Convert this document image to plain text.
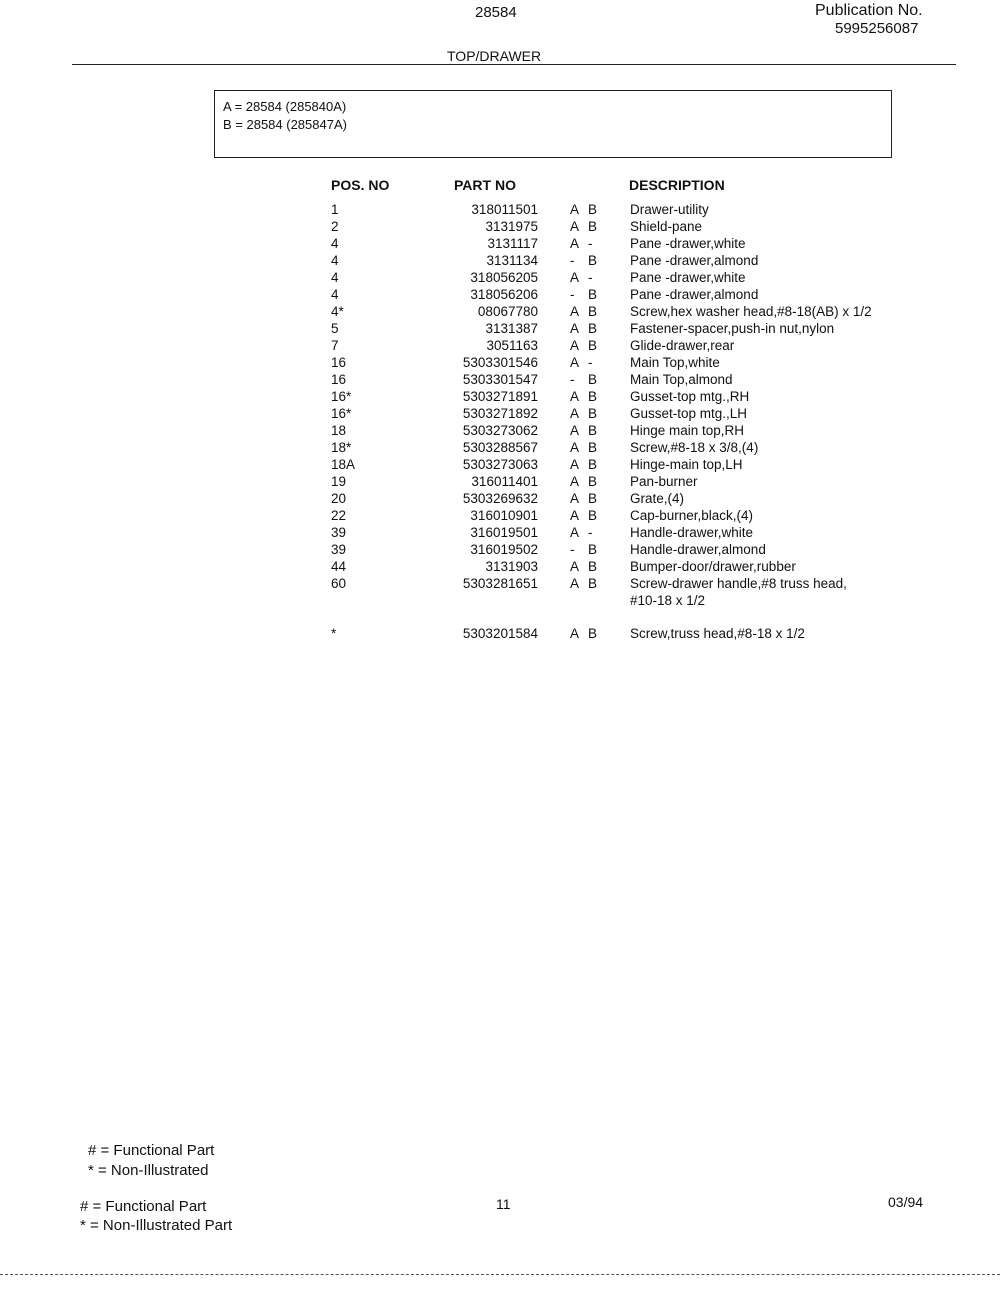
28584	Publication No.
5995256087
TOP/DRAWER
A = 28584 (285840A)
B = 28584 (285847A)
POS. NO	PART NO	DESCRIPTION
1	318011501 A B Drawer-utility
2	3131975 A B Shield-pane
4	3131117 A -	Pane -drawer,white
4	3131134 - B Pane -drawer,almond
4	318056205 A -	Pane -drawer,white
4	318056206 - B Pane -drawer,almond
4*	08067780 A B Screw,hex washer head,#8-18(AB) x 1/2
5	3131387 A B Fastener-spacer,push-in nut,nylon
7	3051163 A B Glide-drawer,rear
16	5303301546 A -	Main Top,white
16	5303301547 - B Main Top,almond
16*	5303271891 A B Gusset-top mtg.,RH
16*	5303271892 A B Gusset-top mtg.,LH
18	5303273062 A B Hinge main top,RH
18*	5303288567 A B Screw,#8-18 x 3/8,(4)
18A	5303273063 A B Hinge-main top,LH
19	316011401 A B Pan-burner
20	5303269632 A B Grate,(4)
22	316010901 A B Cap-burner,black,(4)
39	316019501 A -	Handle-drawer,white
39	316019502 - B Handle-drawer,almond
44	3131903 A B Bumper-door/drawer,rubber
60	5303281651 A B Screw-drawer handle,#8 truss head,
#10-18 x 1/2
*	5303201584 A B Screw,truss head,#8-18 x 1/2
# = Functional Part
* = Non-Illustrated
# = Functional Part
* = Non-Illustrated Part
11	03/94
